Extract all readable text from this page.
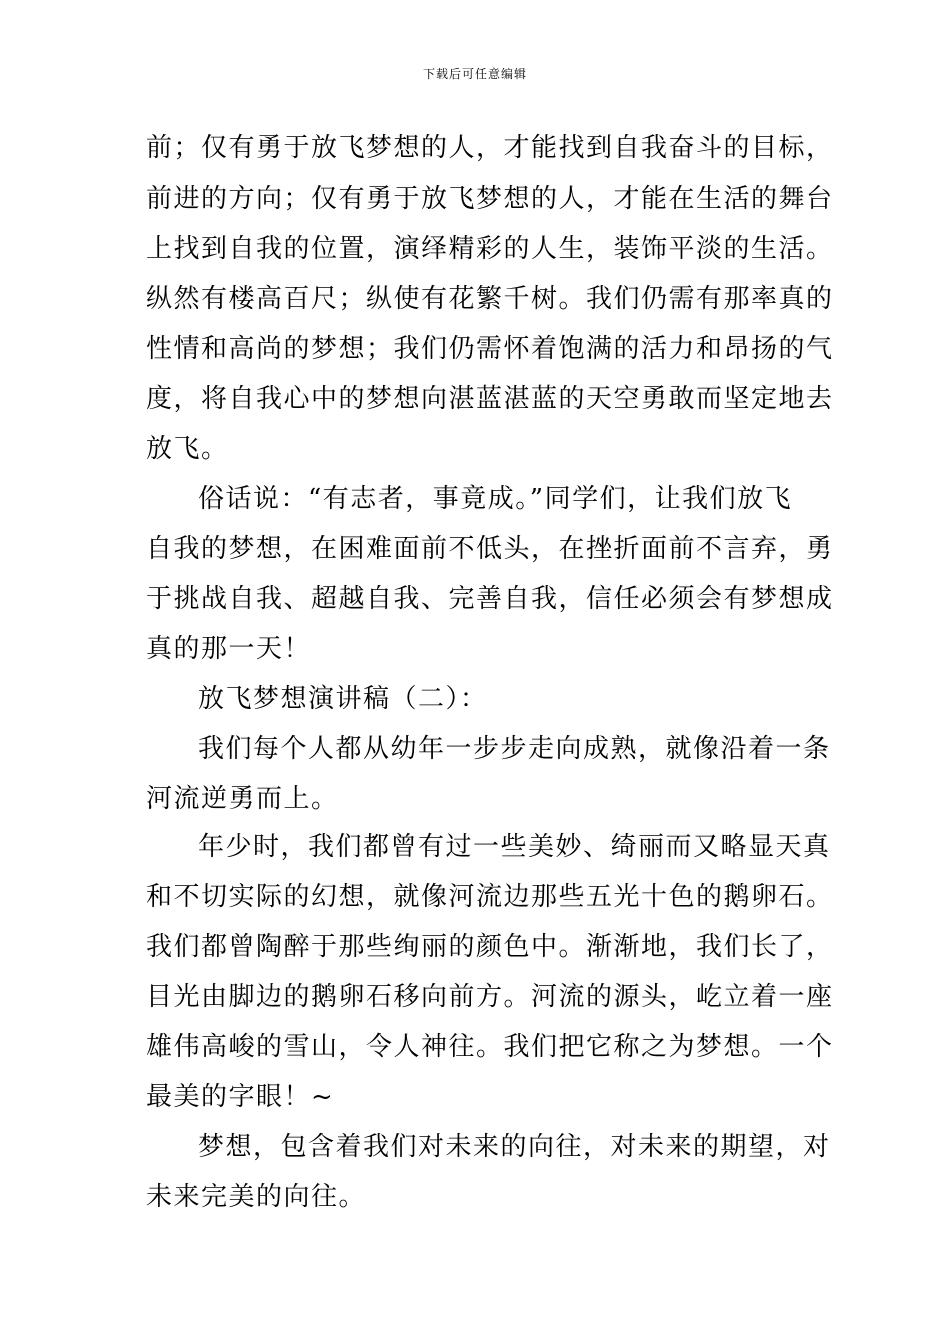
下载后可任意编辑
前；仅有勇于放飞梦想的人，才能找到自我奋斗的目标，
前进的方向；仅有勇于放飞梦想的人，才能在生活的舞台
上找到自我的位置，演绎精彩的人生，装饰平淡的生活。
纵然有楼高百尺；纵使有花繁千树。我们仍需有那率真的
性情和高尚的梦想；我们仍需怀着饱满的活力和昂扬的气
度，将自我心中的梦想向湛蓝湛蓝的天空勇敢而坚定地去
放飞。
俗话说：“有志者，事竟成。”同学们，让我们放飞
自我的梦想，在困难面前不低头，在挫折面前不言弃，勇
于挑战自我、超越自我、完善自我，信任必须会有梦想成
真的那一天！
放飞梦想演讲稿（二）：
我们每个人都从幼年一步步走向成熟，就像沿着一条
河流逆勇而上。
年少时，我们都曾有过一些美妙、绮丽而又略显天真
和不切实际的幻想，就像河流边那些五光十色的鹅卵石。
我们都曾陶醉于那些绚丽的颜色中。渐渐地，我们长了，
目光由脚边的鹅卵石移向前方。河流的源头，屹立着一座
雄伟高峻的雪山，令人神往。我们把它称之为梦想。一个
最美的字眼！~
梦想，包含着我们对未来的向往，对未来的期望，对
未来完美的向往。
